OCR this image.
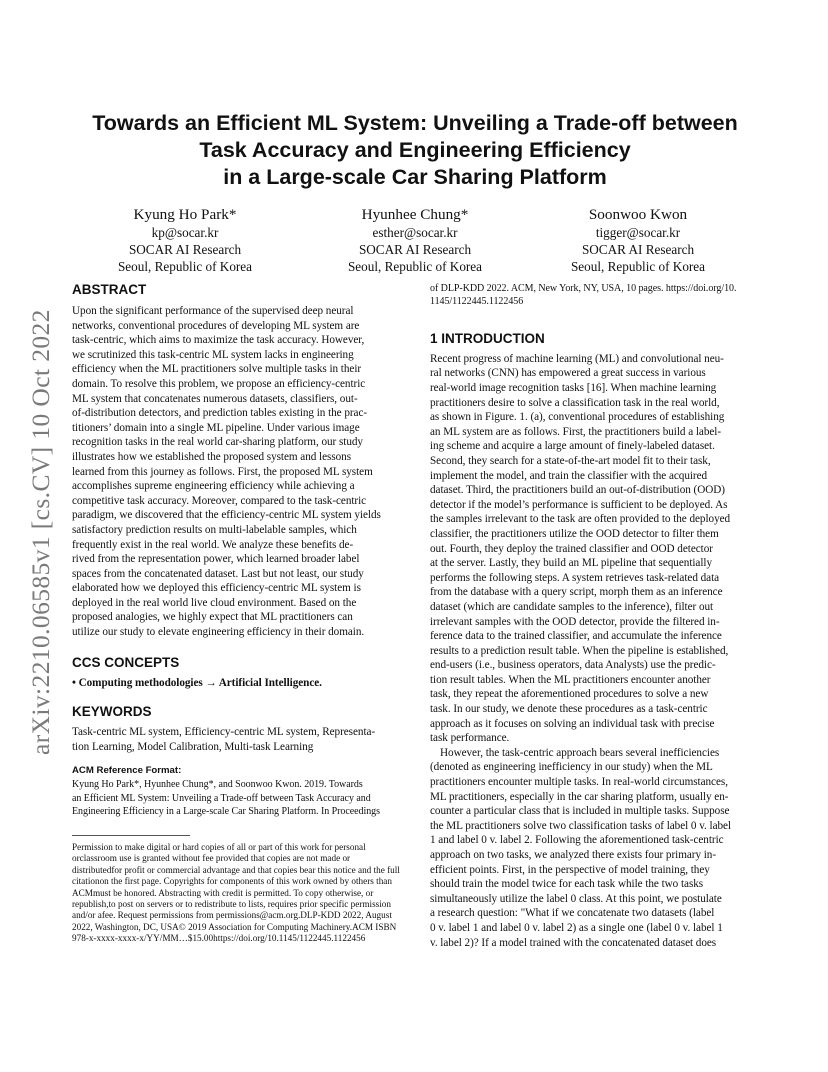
arXiv:2210.06585v1 [cs.CV] 10 Oct 2022
Towards an Efficient ML System: Unveiling a Trade-off between
Task Accuracy and Engineering Efficiency
in a Large-scale Car Sharing Platform
Kyung Ho Park*
kp@socar.kr
SOCAR AI Research
Seoul, Republic of Korea
Hyunhee Chung*
esther@socar.kr
SOCAR AI Research
Seoul, Republic of Korea
Soonwoo Kwon
tigger@socar.kr
SOCAR AI Research
Seoul, Republic of Korea
ABSTRACT
Upon the significant performance of the supervised deep neural
networks, conventional procedures of developing ML system are
task-centric, which aims to maximize the task accuracy. However,
we scrutinized this task-centric ML system lacks in engineering
efficiency when the ML practitioners solve multiple tasks in their
domain. To resolve this problem, we propose an efficiency-centric
ML system that concatenates numerous datasets, classifiers, out-
of-distribution detectors, and prediction tables existing in the prac-
titioners’ domain into a single ML pipeline. Under various image
recognition tasks in the real world car-sharing platform, our study
illustrates how we established the proposed system and lessons
learned from this journey as follows. First, the proposed ML system
accomplishes supreme engineering efficiency while achieving a
competitive task accuracy. Moreover, compared to the task-centric
paradigm, we discovered that the efficiency-centric ML system yields
satisfactory prediction results on multi-labelable samples, which
frequently exist in the real world. We analyze these benefits de-
rived from the representation power, which learned broader label
spaces from the concatenated dataset. Last but not least, our study
elaborated how we deployed this efficiency-centric ML system is
deployed in the real world live cloud environment. Based on the
proposed analogies, we highly expect that ML practitioners can
utilize our study to elevate engineering efficiency in their domain.
CCS CONCEPTS
• Computing methodologies → Artificial Intelligence.
KEYWORDS
Task-centric ML system, Efficiency-centric ML system, Representa-
tion Learning, Model Calibration, Multi-task Learning
ACM Reference Format:
Kyung Ho Park*, Hyunhee Chung*, and Soonwoo Kwon. 2019. Towards
an Efficient ML System: Unveiling a Trade-off between Task Accuracy and
Engineering Efficiency in a Large-scale Car Sharing Platform. In Proceedings
Permission to make digital or hard copies of all or part of this work for personal orclassroom use is granted without fee provided that copies are not made or distributedfor profit or commercial advantage and that copies bear this notice and the full citationon the first page. Copyrights for components of this work owned by others than ACMmust be honored. Abstracting with credit is permitted. To copy otherwise, or republish,to post on servers or to redistribute to lists, requires prior specific permission and/or afee. Request permissions from permissions@acm.org.DLP-KDD 2022, August 2022, Washington, DC, USA© 2019 Association for Computing Machinery.ACM ISBN 978-x-xxxx-xxxx-x/YY/MM…$15.00https://doi.org/10.1145/1122445.1122456
of DLP-KDD 2022. ACM, New York, NY, USA, 10 pages. https://doi.org/10.
1145/1122445.1122456
1 INTRODUCTION
Recent progress of machine learning (ML) and convolutional neu-
ral networks (CNN) has empowered a great success in various
real-world image recognition tasks [16]. When machine learning
practitioners desire to solve a classification task in the real world,
as shown in Figure. 1. (a), conventional procedures of establishing
an ML system are as follows. First, the practitioners build a label-
ing scheme and acquire a large amount of finely-labeled dataset.
Second, they search for a state-of-the-art model fit to their task,
implement the model, and train the classifier with the acquired
dataset. Third, the practitioners build an out-of-distribution (OOD)
detector if the model’s performance is sufficient to be deployed. As
the samples irrelevant to the task are often provided to the deployed
classifier, the practitioners utilize the OOD detector to filter them
out. Fourth, they deploy the trained classifier and OOD detector
at the server. Lastly, they build an ML pipeline that sequentially
performs the following steps. A system retrieves task-related data
from the database with a query script, morph them as an inference
dataset (which are candidate samples to the inference), filter out
irrelevant samples with the OOD detector, provide the filtered in-
ference data to the trained classifier, and accumulate the inference
results to a prediction result table. When the pipeline is established,
end-users (i.e., business operators, data Analysts) use the predic-
tion result tables. When the ML practitioners encounter another
task, they repeat the aforementioned procedures to solve a new
task. In our study, we denote these procedures as a task-centric
approach as it focuses on solving an individual task with precise
task performance.
However, the task-centric approach bears several inefficiencies
(denoted as engineering inefficiency in our study) when the ML
practitioners encounter multiple tasks. In real-world circumstances,
ML practitioners, especially in the car sharing platform, usually en-
counter a particular class that is included in multiple tasks. Suppose
the ML practitioners solve two classification tasks of label 0 v. label
1 and label 0 v. label 2. Following the aforementioned task-centric
approach on two tasks, we analyzed there exists four primary in-
efficient points. First, in the perspective of model training, they
should train the model twice for each task while the two tasks
simultaneously utilize the label 0 class. At this point, we postulate
a research question: "What if we concatenate two datasets (label
0 v. label 1 and label 0 v. label 2) as a single one (label 0 v. label 1
v. label 2)? If a model trained with the concatenated dataset does
